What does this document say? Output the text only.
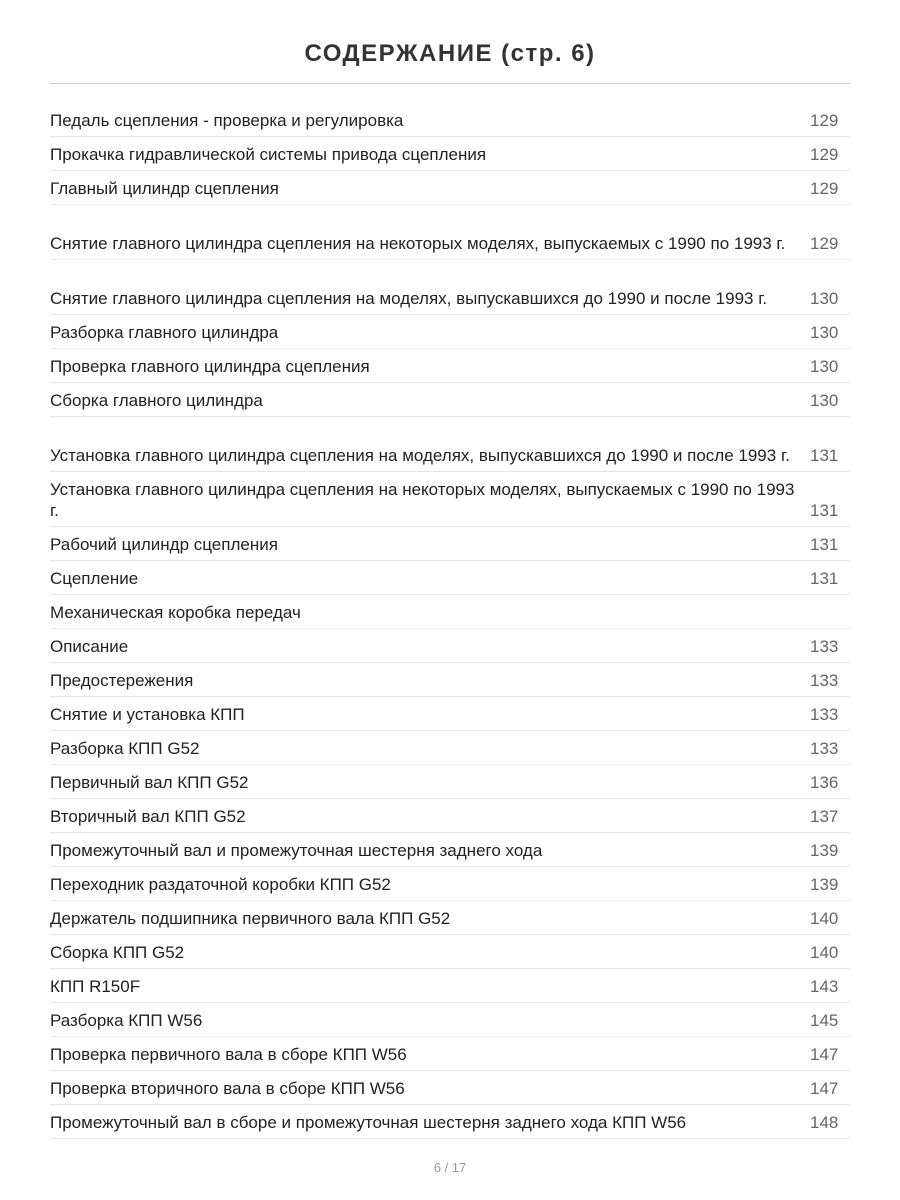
СОДЕРЖАНИЕ (стр. 6)
Педаль сцепления - проверка и регулировка	129
Прокачка гидравлической системы привода сцепления	129
Главный цилиндр сцепления	129
Снятие главного цилиндра сцепления на некоторых моделях, выпускаемых с 1990 по 1993 г.	129
Снятие главного цилиндра сцепления на моделях, выпускавшихся до 1990 и после 1993 г.	130
Разборка главного цилиндра	130
Проверка главного цилиндра сцепления	130
Сборка главного цилиндра	130
Установка главного цилиндра сцепления на моделях, выпускавшихся до 1990 и после 1993 г.	131
Установка главного цилиндра сцепления на некоторых моделях, выпускаемых с 1990 по 1993 г.	131
Рабочий цилиндр сцепления	131
Сцепление	131
Механическая коробка передач
Описание	133
Предостережения	133
Снятие и установка КПП	133
Разборка КПП G52	133
Первичный вал КПП G52	136
Вторичный вал КПП G52	137
Промежуточный вал и промежуточная шестерня заднего хода	139
Переходник раздаточной коробки КПП G52	139
Держатель подшипника первичного вала КПП G52	140
Сборка КПП G52	140
КПП R150F	143
Разборка КПП W56	145
Проверка первичного вала в сборе КПП W56	147
Проверка вторичного вала в сборе КПП W56	147
Промежуточный вал в сборе и промежуточная шестерня заднего хода КПП W56	148
6 / 17
